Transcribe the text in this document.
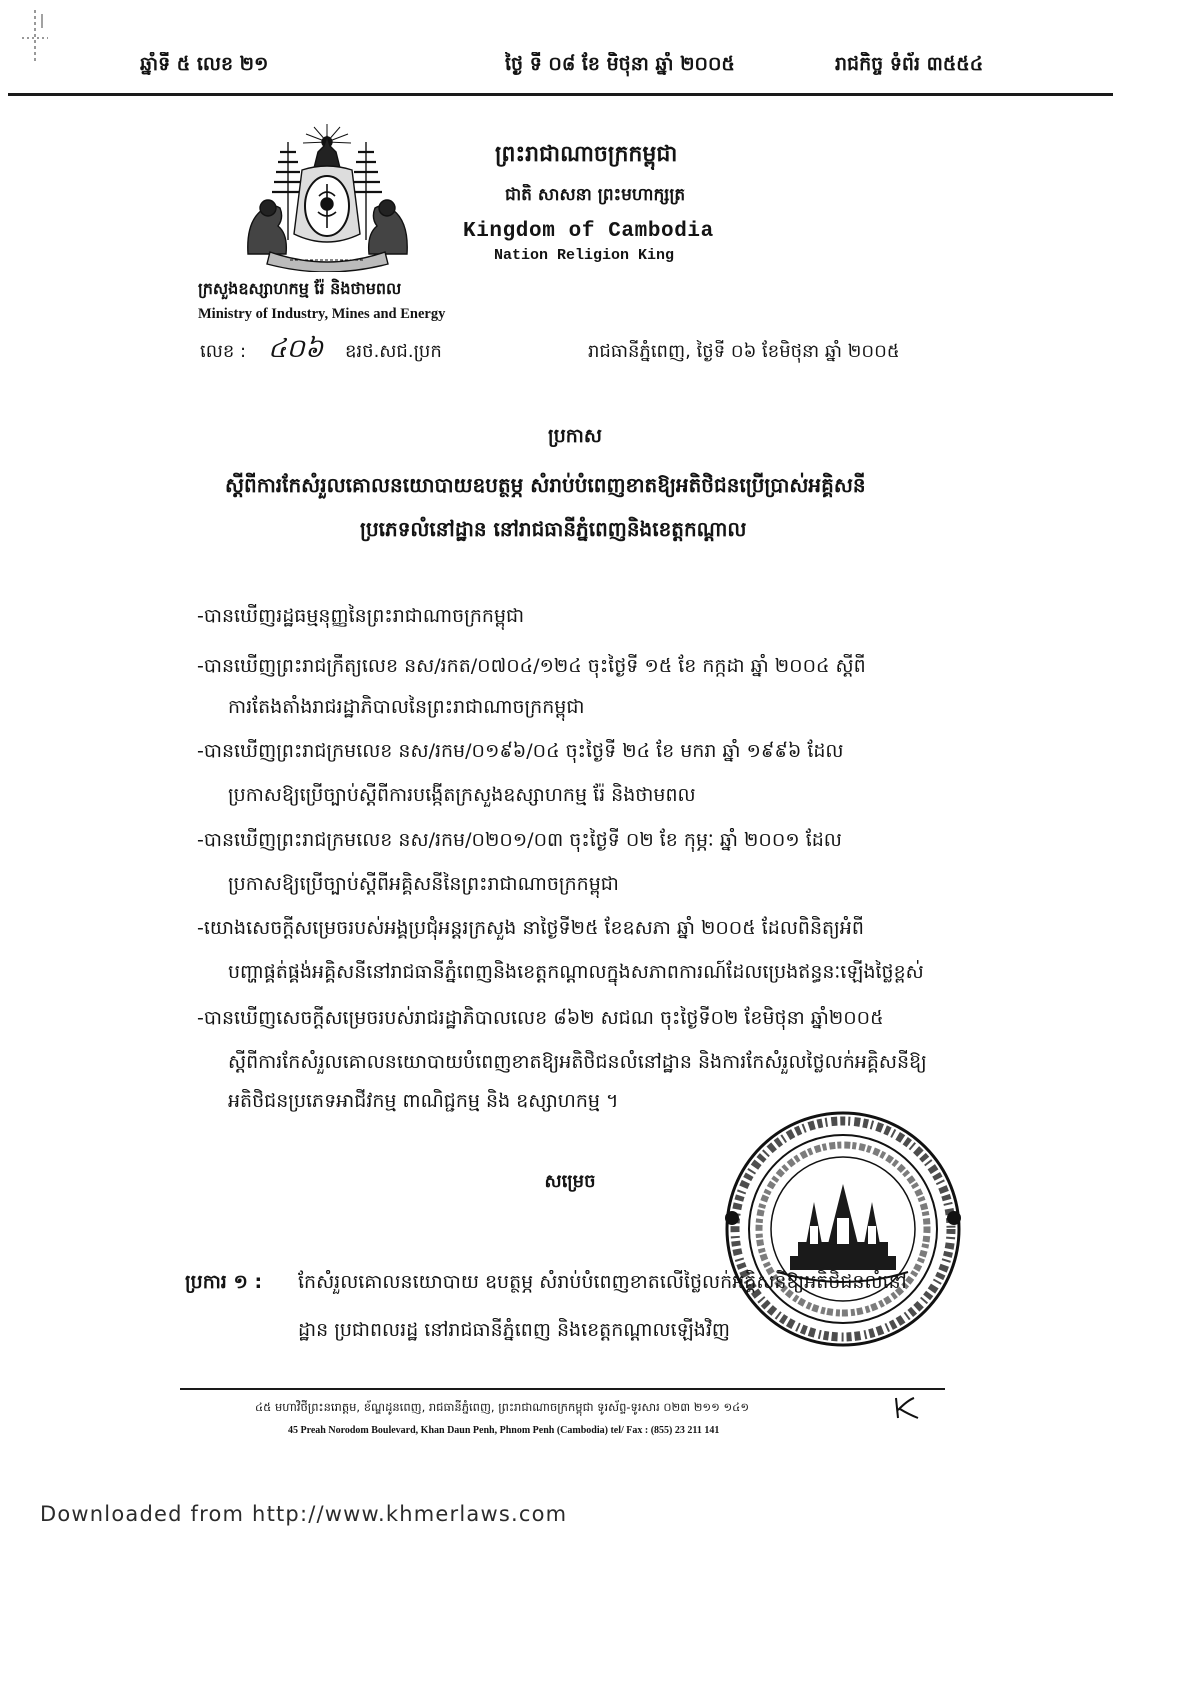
ឆ្នាំទី ៥ លេខ ២១	ថ្ងៃ ទី ០៨ ខែ មិថុនា ឆ្នាំ ២០០៥	រាជកិច្ច ទំព័រ ៣៥៥៤
ព្រះរាជាណាចក្រកម្ពុជា
ជាតិ សាសនា ព្រះមហាក្សត្រ
Kingdom of Cambodia
Nation Religion King
ក្រសួងឧស្សាហកម្ម រ៉ែ និងថាមពល
Ministry of Industry, Mines and Energy
លេខ : ៤០៦	ឧរថ.សជ.ប្រក	រាជធានីភ្នំពេញ, ថ្ងៃទី ០៦ ខែមិថុនា ឆ្នាំ ២០០៥
ប្រកាស
ស្តីពីការកែសំរួលគោលនយោបាយឧបត្ថម្ភ សំរាប់បំពេញខាតឱ្យអតិថិជនប្រើប្រាស់អគ្គិសនី
ប្រភេទលំនៅដ្ឋាន នៅរាជធានីភ្នំពេញនិងខេត្តកណ្តាល
-បានឃើញរដ្ឋធម្មនុញ្ញនៃព្រះរាជាណាចក្រកម្ពុជា
-បានឃើញព្រះរាជក្រឹត្យលេខ នស/រកត/០៧០៤/១២៤ ចុះថ្ងៃទី ១៥ ខែ កក្កដា ឆ្នាំ ២០០៤ ស្តីពី
ការតែងតាំងរាជរដ្ឋាភិបាលនៃព្រះរាជាណាចក្រកម្ពុជា
-បានឃើញព្រះរាជក្រមលេខ នស/រកម/០១៩៦/០៤ ចុះថ្ងៃទី ២៤ ខែ មករា ឆ្នាំ ១៩៩៦ ដែល
ប្រកាសឱ្យប្រើច្បាប់ស្តីពីការបង្កើតក្រសួងឧស្សាហកម្ម រ៉ែ និងថាមពល
-បានឃើញព្រះរាជក្រមលេខ នស/រកម/០២០១/០៣ ចុះថ្ងៃទី ០២ ខែ កុម្ភៈ ឆ្នាំ ២០០១ ដែល
ប្រកាសឱ្យប្រើច្បាប់ស្តីពីអគ្គិសនីនៃព្រះរាជាណាចក្រកម្ពុជា
-យោងសេចក្តីសម្រេចរបស់អង្គប្រជុំអន្តរក្រសួង នាថ្ងៃទី២៥ ខែឧសភា ឆ្នាំ ២០០៥ ដែលពិនិត្យអំពី
បញ្ហាផ្គត់ផ្គង់អគ្គិសនីនៅរាជធានីភ្នំពេញនិងខេត្តកណ្តាលក្នុងសភាពការណ៍ដែលប្រេងឥន្ធនៈឡើងថ្លៃខ្ពស់
-បានឃើញសេចក្តីសម្រេចរបស់រាជរដ្ឋាភិបាលលេខ ៨៦២ សជណ ចុះថ្ងៃទី០២ ខែមិថុនា ឆ្នាំ២០០៥
ស្តីពីការកែសំរួលគោលនយោបាយបំពេញខាតឱ្យអតិថិជនលំនៅដ្ឋាន និងការកែសំរួលថ្លៃលក់អគ្គិសនីឱ្យ
អតិថិជនប្រភេទអាជីវកម្ម ពាណិជ្ជកម្ម និង ឧស្សាហកម្ម ។
សម្រេច
ប្រការ ១ :	កែសំរួលគោលនយោបាយ ឧបត្ថម្ភ សំរាប់បំពេញខាតលើថ្លៃលក់អគ្គិសនីឱ្យអតិថិជនលំនៅ
ដ្ឋាន ប្រជាពលរដ្ឋ នៅរាជធានីភ្នំពេញ និងខេត្តកណ្តាលឡើងវិញ
៤៥ មហាវិថីព្រះនរោត្តម, ខ័ណ្ឌដូនពេញ, រាជធានីភ្នំពេញ, ព្រះរាជាណាចក្រកម្ពុជា ទូរស័ព្ទ-ទូរសារ ០២៣ ២១១ ១៤១
45 Preah Norodom Boulevard, Khan Daun Penh, Phnom Penh (Cambodia) tel/ Fax : (855) 23 211 141
Downloaded from http://www.khmerlaws.com
